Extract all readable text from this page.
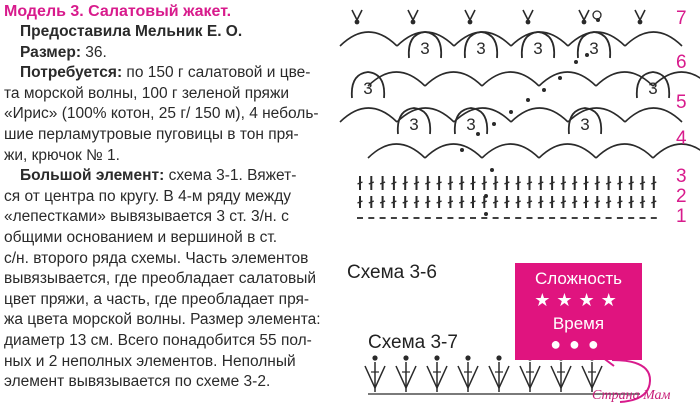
Модель 3. Салатовый жакет.
Предоставила Мельник Е. О.
Размер: 36.
Потребуется: по 150 г салатовой и цве-
та морской волны, 100 г зеленой пряжи
«Ирис» (100% котон, 25 г/ 150 м), 4 неболь-
шие перламутровые пуговицы в тон пря-
жи, крючок № 1.
Большой элемент: схема 3-1. Вяжет-
ся от центра по кругу. В 4-м ряду между
«лепестками» вывязывается 3 ст. 3/н. с
общими основанием и вершиной в ст.
с/н. второго ряда схемы. Часть элементов
вывязывается, где преобладает салатовый
цвет пряжи, а часть, где преобладает пря-
жа цвета морской волны. Размер элемента:
диаметр 13 см. Всего понадобится 55 пол-
ных и 2 неполных элементов. Неполный
элемент вывязывается по схеме 3-2.
3	3	3	3
3	3
3	3	3
Схема 3-6
Схема 3-7
7
6
5
4
3
2
1
Сложность
★★★★
Время
●●●
Страна Мам
